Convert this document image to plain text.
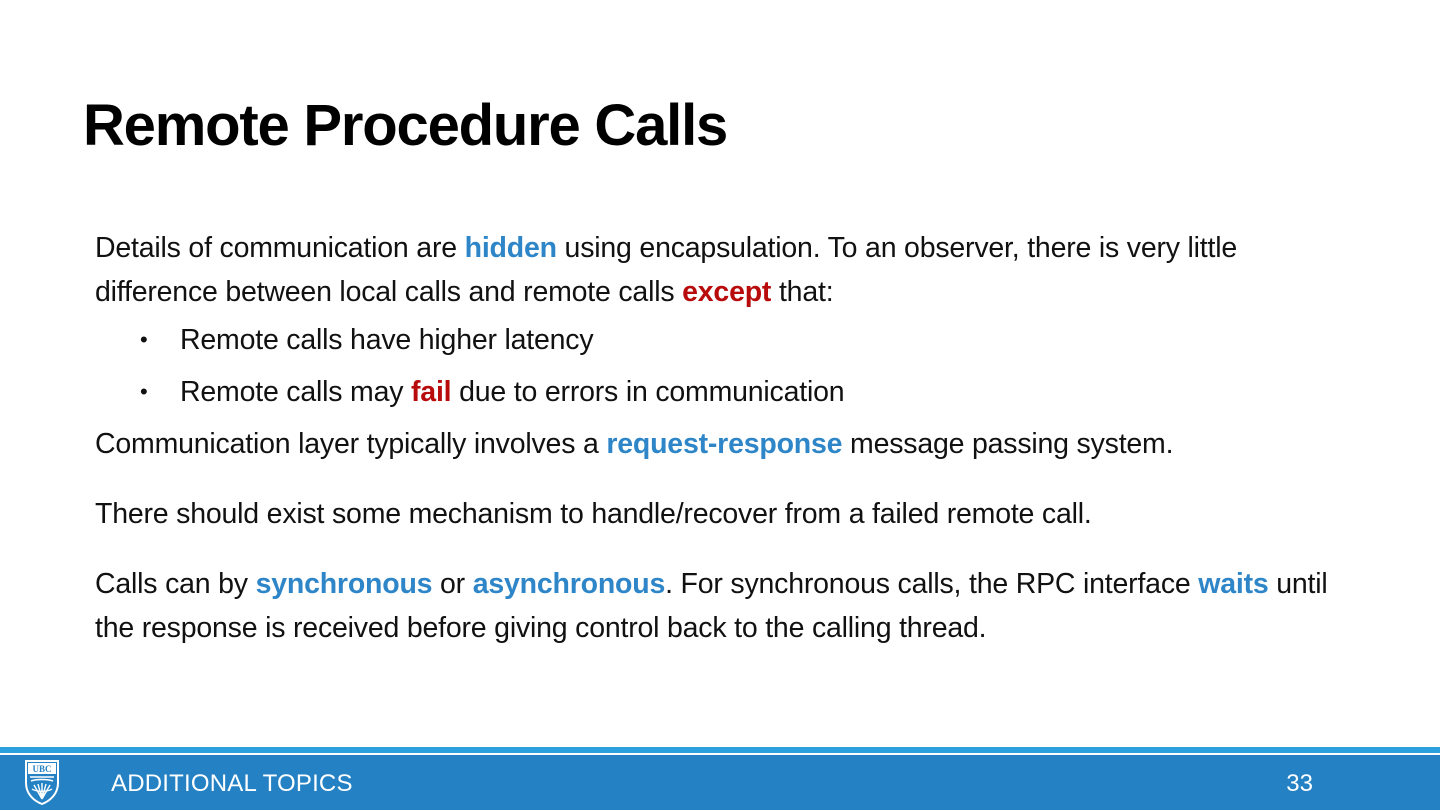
Remote Procedure Calls

Details of communication are hidden using encapsulation. To an observer, there is very little difference between local calls and remote calls except that:

• Remote calls have higher latency
• Remote calls may fail due to errors in communication

Communication layer typically involves a request-response message passing system.

There should exist some mechanism to handle/recover from a failed remote call.

Calls can by synchronous or asynchronous. For synchronous calls, the RPC interface waits until the response is received before giving control back to the calling thread.

UBC
ADDITIONAL TOPICS	33
